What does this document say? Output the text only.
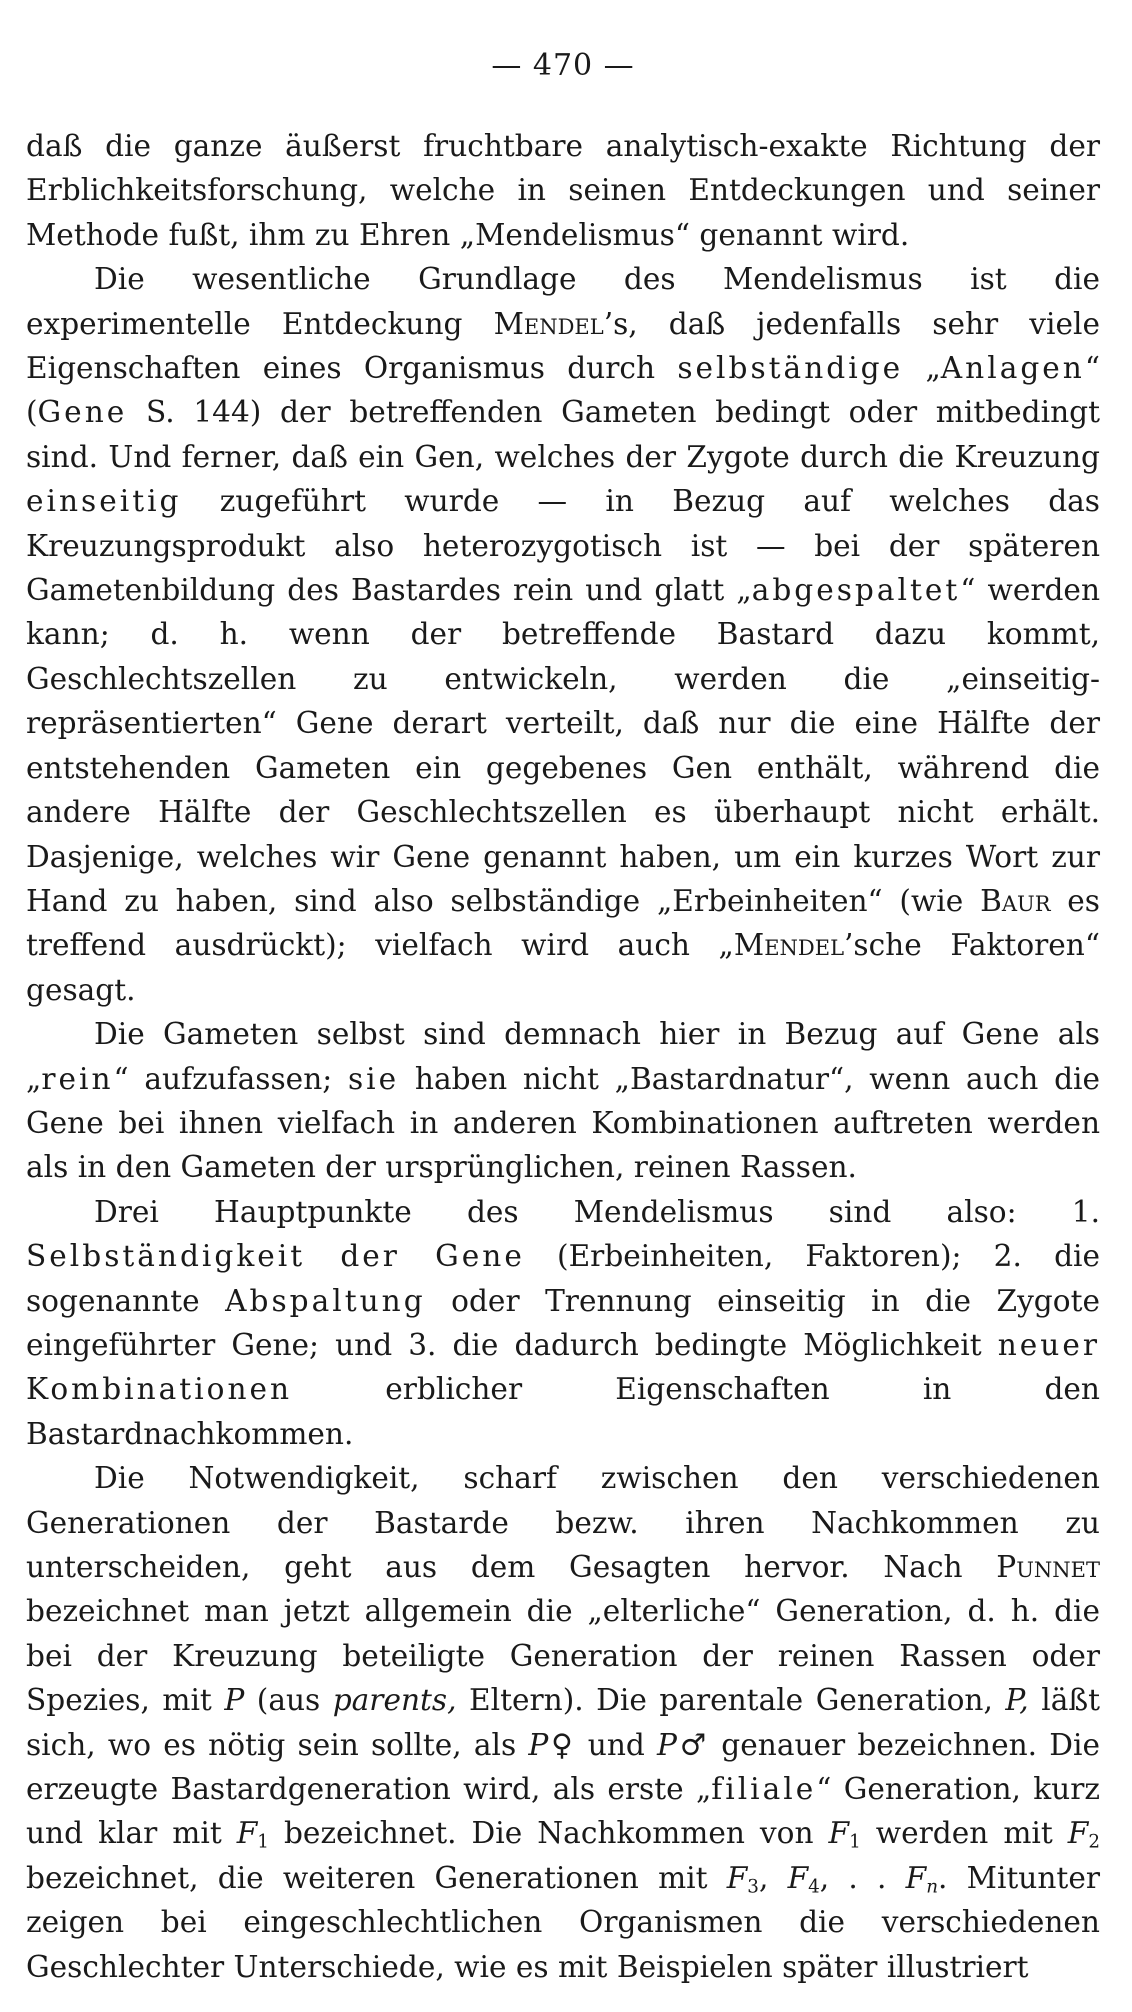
— 470 —

daß die ganze äußerst fruchtbare analytisch-exakte Richtung der Erblichkeitsforschung, welche in seinen Entdeckungen und seiner Methode fußt, ihm zu Ehren „Mendelismus“ genannt wird.

Die wesentliche Grundlage des Mendelismus ist die experimentelle Entdeckung Mendel’s, daß jedenfalls sehr viele Eigenschaften eines Organismus durch selbständige „Anlagen“ (Gene S. 144) der betreffenden Gameten bedingt oder mitbedingt sind. Und ferner, daß ein Gen, welches der Zygote durch die Kreuzung einseitig zugeführt wurde — in Bezug auf welches das Kreuzungsprodukt also heterozygotisch ist — bei der späteren Gametenbildung des Bastardes rein und glatt „abgespaltet“ werden kann; d. h. wenn der betreffende Bastard dazu kommt, Geschlechtszellen zu entwickeln, werden die „einseitig-repräsentierten“ Gene derart verteilt, daß nur die eine Hälfte der entstehenden Gameten ein gegebenes Gen enthält, während die andere Hälfte der Geschlechtszellen es überhaupt nicht erhält. Dasjenige, welches wir Gene genannt haben, um ein kurzes Wort zur Hand zu haben, sind also selbständige „Erbeinheiten“ (wie Baur es treffend ausdrückt); vielfach wird auch „Mendel’sche Faktoren“ gesagt.

Die Gameten selbst sind demnach hier in Bezug auf Gene als „rein“ aufzufassen; sie haben nicht „Bastardnatur“, wenn auch die Gene bei ihnen vielfach in anderen Kombinationen auftreten werden als in den Gameten der ursprünglichen, reinen Rassen.

Drei Hauptpunkte des Mendelismus sind also: 1. Selbständigkeit der Gene (Erbeinheiten, Faktoren); 2. die sogenannte Abspaltung oder Trennung einseitig in die Zygote eingeführter Gene; und 3. die dadurch bedingte Möglichkeit neuer Kombinationen erblicher Eigenschaften in den Bastardnachkommen.

Die Notwendigkeit, scharf zwischen den verschiedenen Generationen der Bastarde bezw. ihren Nachkommen zu unterscheiden, geht aus dem Gesagten hervor. Nach Punnet bezeichnet man jetzt allgemein die „elterliche“ Generation, d. h. die bei der Kreuzung beteiligte Generation der reinen Rassen oder Spezies, mit P (aus parents, Eltern). Die parentale Generation, P, läßt sich, wo es nötig sein sollte, als P♀ und P♂ genauer bezeichnen. Die erzeugte Bastardgeneration wird, als erste „filiale“ Generation, kurz und klar mit $F_1$ bezeichnet. Die Nachkommen von $F_1$ werden mit $F_2$ bezeichnet, die weiteren Generationen mit $F_3$, $F_4$, . . $F_n$. Mitunter zeigen bei eingeschlechtlichen Organismen die verschiedenen Geschlechter Unterschiede, wie es mit Beispielen später illustriert
